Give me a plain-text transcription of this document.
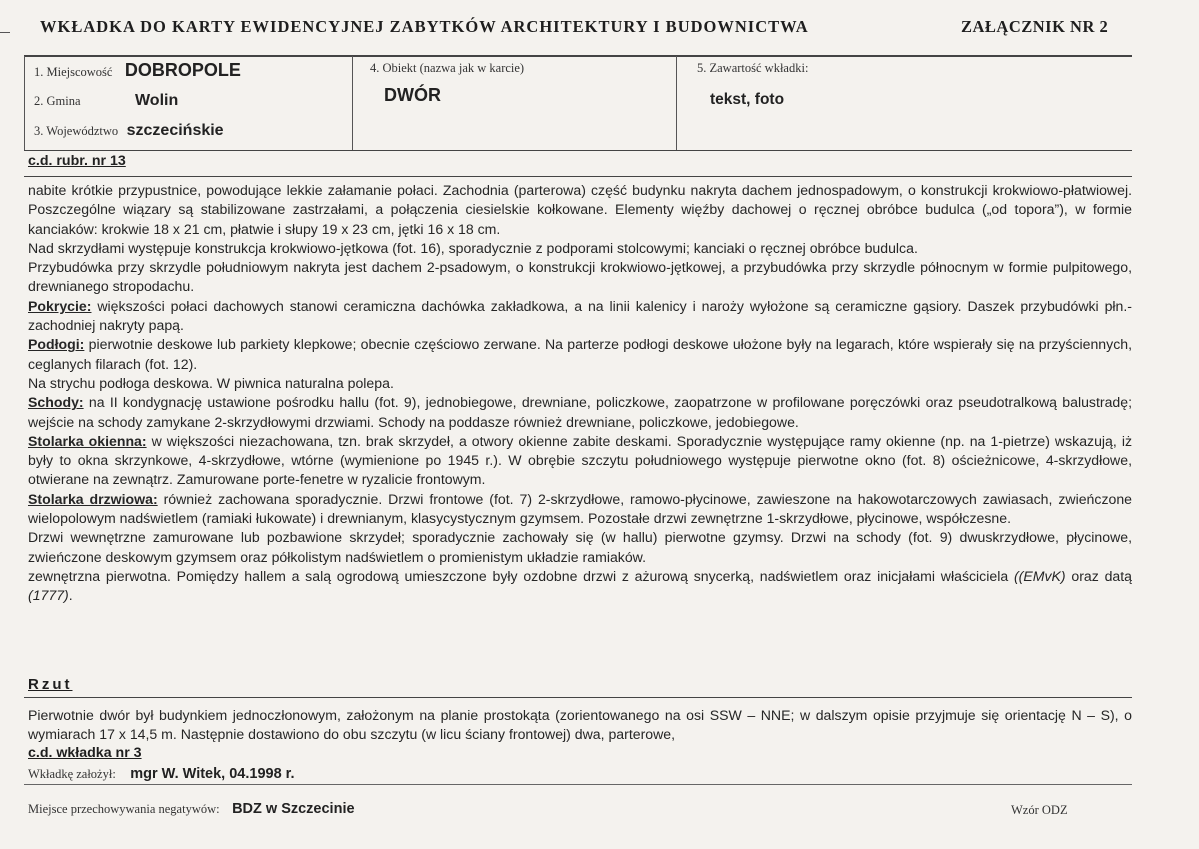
WKŁADKA DO KARTY EWIDENCYJNEJ ZABYTKÓW ARCHITEKTURY I BUDOWNICTWA	ZAŁĄCZNIK NR 2
1. Miejscowość DOBROPOLE
2. Gmina	Wolin
3. Województwo szczecińskie
4. Obiekt (nazwa jak w karcie)
DWÓR
5. Zawartość wkładki:
tekst, foto
c.d. rubr. nr 13

nabite krótkie przypustnice, powodujące lekkie załamanie połaci. Zachodnia (parterowa) część budynku nakryta dachem jednospadowym, o konstrukcji krokwiowo-płatwiowej. Poszczególne wiązary są stabilizowane zastrzałami, a połączenia ciesielskie kołkowane. Elementy więźby dachowej o ręcznej obróbce budulca („od topora”), w formie kanciaków: krokwie 18 x 21 cm, płatwie i słupy 19 x 23 cm, jętki 16 x 18 cm.

Nad skrzydłami występuje konstrukcja krokwiowo-jętkowa (fot. 16), sporadycznie z podporami stolcowymi; kanciaki o ręcznej obróbce budulca.

Przybudówka przy skrzydle południowym nakryta jest dachem 2-psadowym, o konstrukcji krokwiowo-jętkowej, a przybudówka przy skrzydle północnym w formie pulpitowego, drewnianego stropodachu.

Pokrycie: większości połaci dachowych stanowi ceramiczna dachówka zakładkowa, a na linii kalenicy i naroży wyłożone są ceramiczne gąsiory. Daszek przybudówki płn.-zachodniej nakryty papą.

Podłogi: pierwotnie deskowe lub parkiety klepkowe; obecnie częściowo zerwane. Na parterze podłogi deskowe ułożone były na legarach, które wspierały się na przyściennych, ceglanych filarach (fot. 12).

Na strychu podłoga deskowa. W piwnica naturalna polepa.

Schody: na II kondygnację ustawione pośrodku hallu (fot. 9), jednobiegowe, drewniane, policzkowe, zaopatrzone w profilowane poręczówki oraz pseudotralkową balustradę; wejście na schody zamykane 2-skrzydłowymi drzwiami. Schody na poddasze również drewniane, policzkowe, jedobiegowe.

Stolarka okienna: w większości niezachowana, tzn. brak skrzydeł, a otwory okienne zabite deskami. Sporadycznie występujące ramy okienne (np. na 1-pietrze) wskazują, iż były to okna skrzynkowe, 4-skrzydłowe, wtórne (wymienione po 1945 r.). W obrębie szczytu południowego występuje pierwotne okno (fot. 8) ościeżnicowe, 4-skrzydłowe, otwierane na zewnątrz. Zamurowane porte-fenetre w ryzalicie frontowym.

Stolarka drzwiowa: również zachowana sporadycznie. Drzwi frontowe (fot. 7) 2-skrzydłowe, ramowo-płycinowe, zawieszone na hakowotarczowych zawiasach, zwieńczone wielopolowym nadświetlem (ramiaki łukowate) i drewnianym, klasycystycznym gzymsem. Pozostałe drzwi zewnętrzne 1-skrzydłowe, płycinowe, współczesne.

Drzwi wewnętrzne zamurowane lub pozbawione skrzydeł; sporadycznie zachowały się (w hallu) pierwotne gzymsy. Drzwi na schody (fot. 9) dwuskrzydłowe, płycinowe, zwieńczone deskowym gzymsem oraz półkolistym nadświetlem o promienistym układzie ramiaków.

zewnętrzna pierwotna. Pomiędzy hallem a salą ogrodową umieszczone były ozdobne drzwi z ażurową snycerką, nadświetlem oraz inicjałami właściciela ((EMvK) oraz datą (1777).

Rzut
Pierwotnie dwór był budynkiem jednoczłonowym, założonym na planie prostokąta (zorientowanego na osi SSW – NNE; w dalszym opisie przyjmuje się orientację N – S), o wymiarach 17 x 14,5 m. Następnie dostawiono do obu szczytu (w licu ściany frontowej) dwa, parterowe,
c.d. wkładka nr 3
Wkładkę założył: mgr W. Witek, 04.1998 r.
Miejsce przechowywania negatywów: BDZ w Szczecinie	Wzór ODZ
